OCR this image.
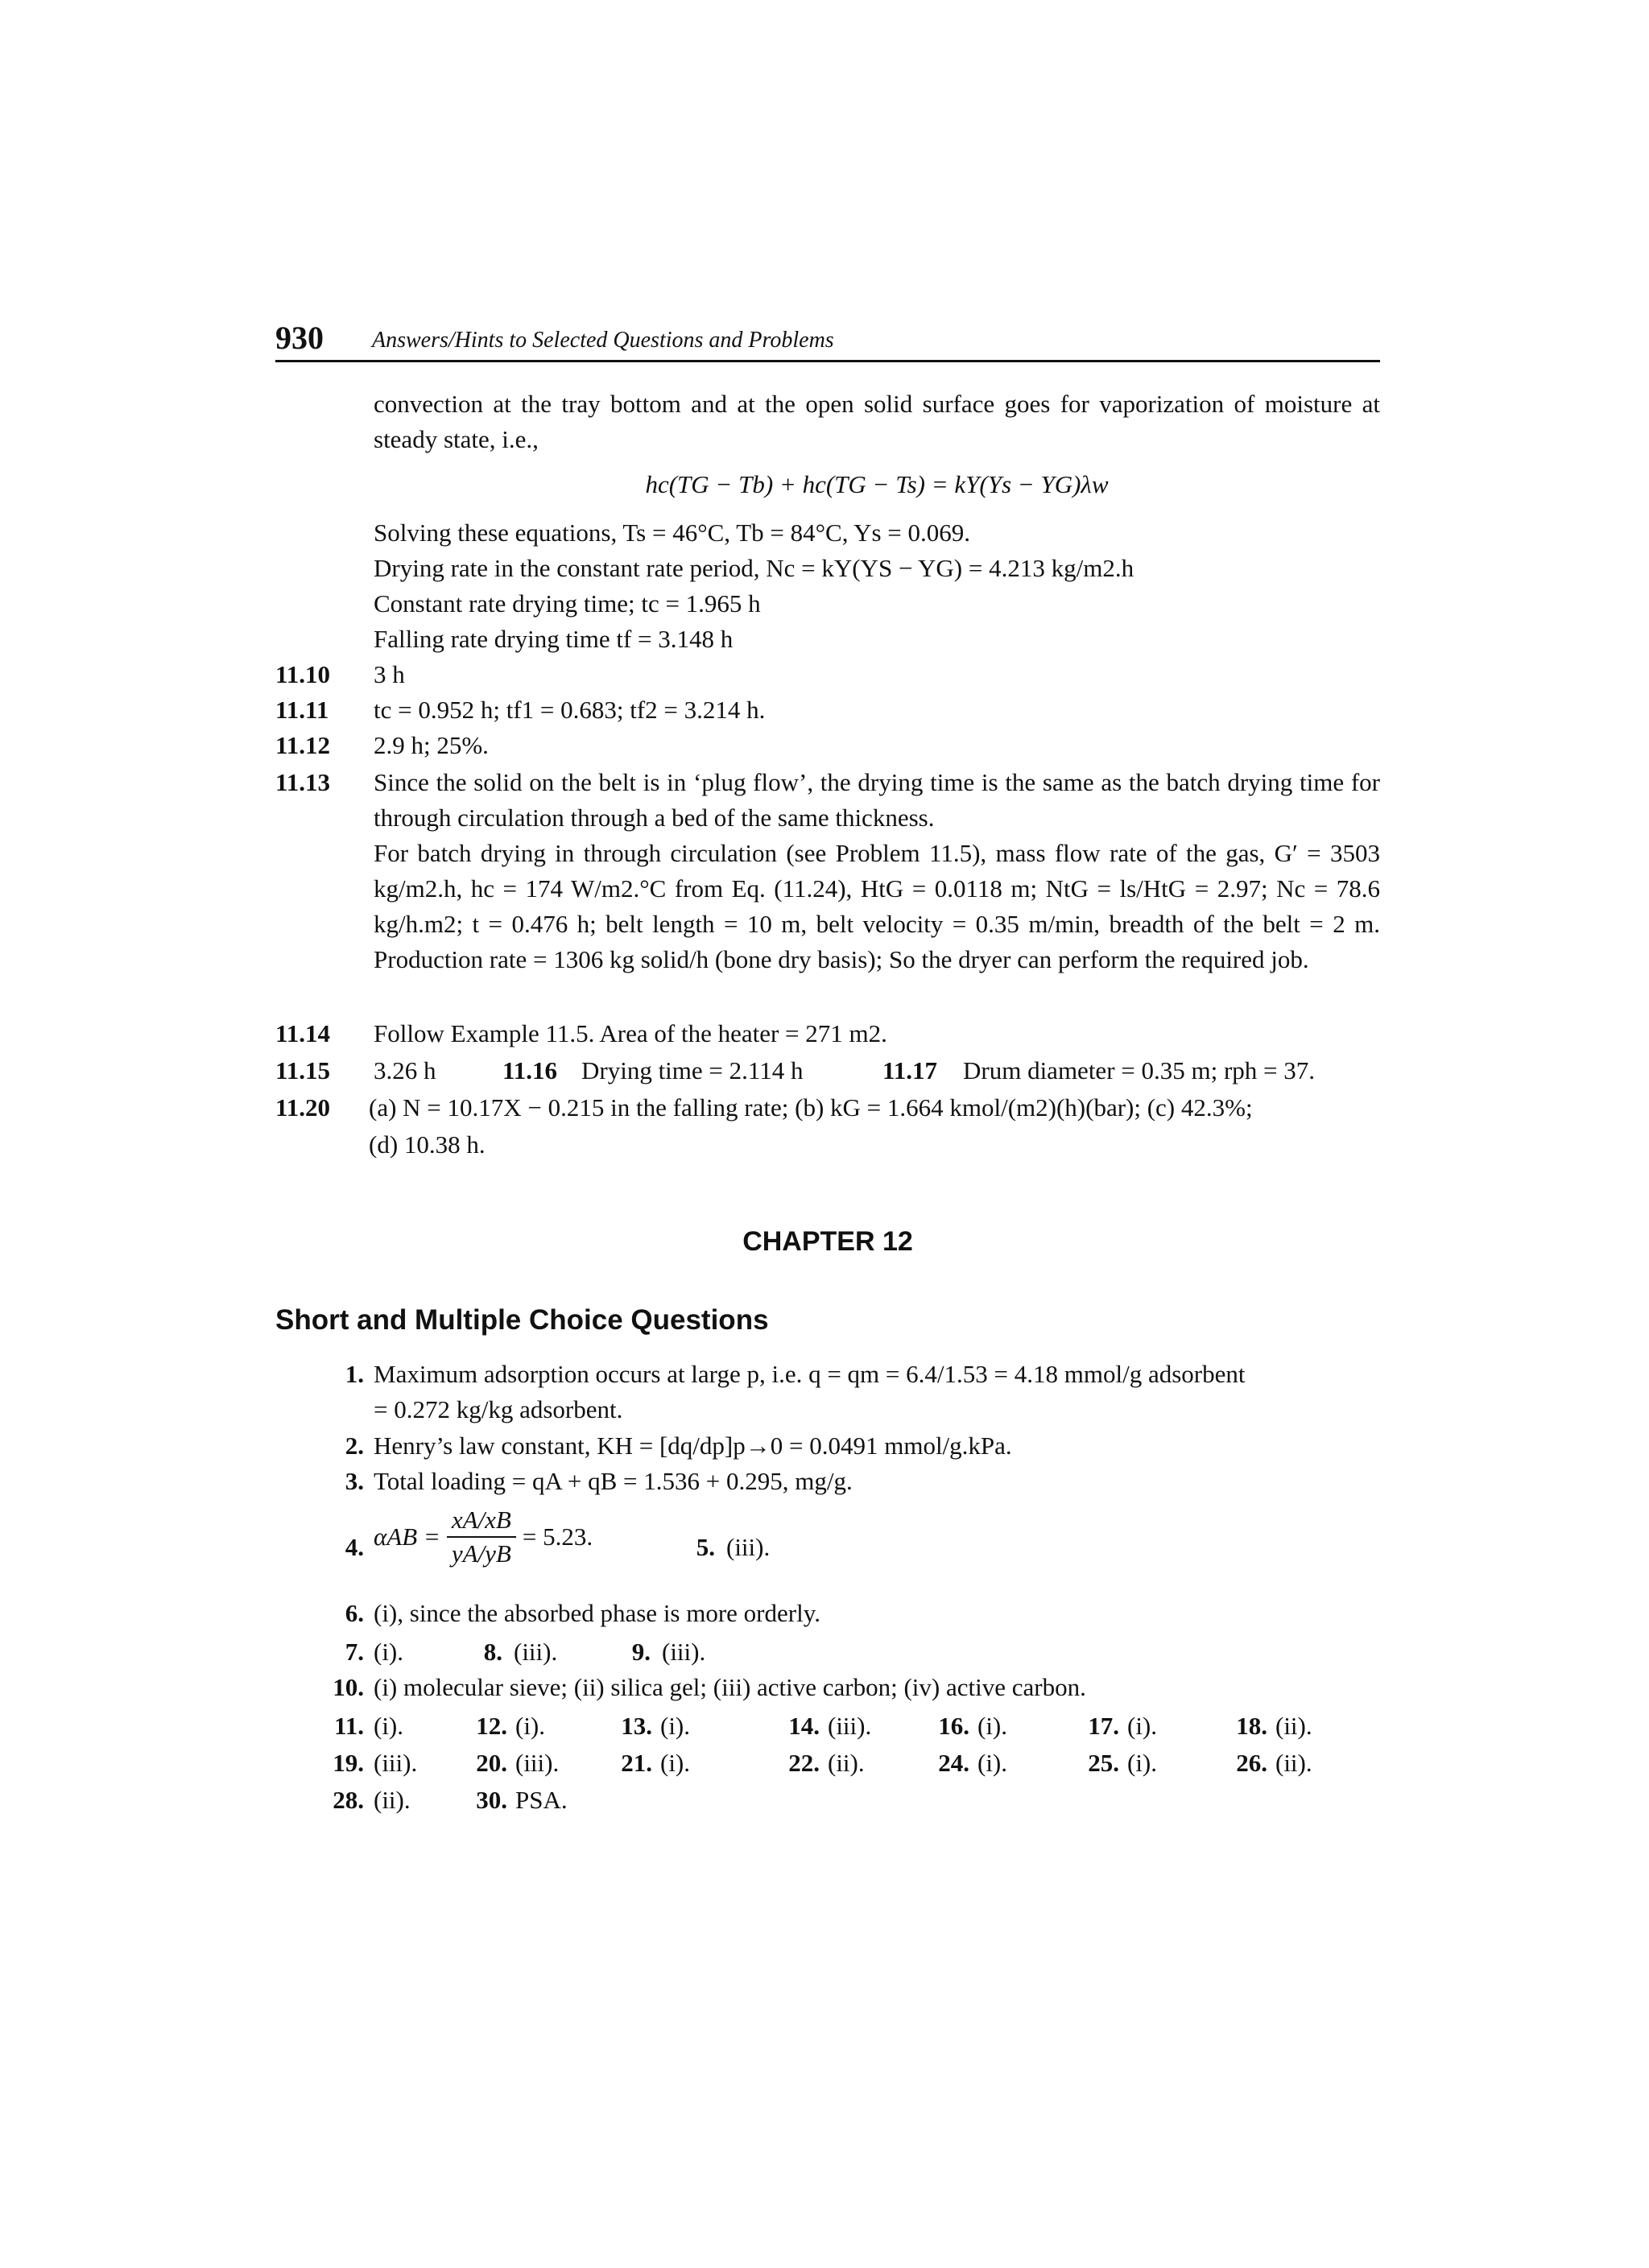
930 Answers/Hints to Selected Questions and Problems
convection at the tray bottom and at the open solid surface goes for vaporization of moisture at steady state, i.e.,
hc(TG − Tb) + hc(TG − Ts) = kY(Ys − YG)λw
Solving these equations, Ts = 46°C, Tb = 84°C, Ys = 0.069.
Drying rate in the constant rate period, Nc = kY(YS − YG) = 4.213 kg/m2.h
Constant rate drying time; tc = 1.965 h
Falling rate drying time tf = 3.148 h
11.10 3 h
11.11 tc = 0.952 h; tf1 = 0.683; tf2 = 3.214 h.
11.12 2.9 h; 25%.
11.13 Since the solid on the belt is in ‘plug flow’, the drying time is the same as the batch drying time for through circulation through a bed of the same thickness.
For batch drying in through circulation (see Problem 11.5), mass flow rate of the gas, G′ = 3503 kg/m2.h, hc = 174 W/m2.°C from Eq. (11.24), HtG = 0.0118 m; NtG = ls/HtG = 2.97; Nc = 78.6 kg/h.m2; t = 0.476 h; belt length = 10 m, belt velocity = 0.35 m/min, breadth of the belt = 2 m. Production rate = 1306 kg solid/h (bone dry basis); So the dryer can perform the required job.
11.14 Follow Example 11.5. Area of the heater = 271 m2.
11.15 3.26 h	11.16 Drying time = 2.114 h	11.17 Drum diameter = 0.35 m; rph = 37.
11.20 (a) N = 10.17X − 0.215 in the falling rate; (b) kG = 1.664 kmol/(m2)(h)(bar); (c) 42.3%;
(d) 10.38 h.
CHAPTER 12
Short and Multiple Choice Questions
1. Maximum adsorption occurs at large p, i.e. q = qm = 6.4/1.53 = 4.18 mmol/g adsorbent
= 0.272 kg/kg adsorbent.
2. Henry’s law constant, KH = [dq/dp]p→0 = 0.0491 mmol/g.kPa.
3. Total loading = qA + qB = 1.536 + 0.295, mg/g.
4. $\alpha AB = \frac{xA/xB}{yA/yB} = 5.23$.	5. (iii).
6. (i), since the absorbed phase is more orderly.
7. (i).	8. (iii).	9. (iii).
10. (i) molecular sieve; (ii) silica gel; (iii) active carbon; (iv) active carbon.
11. (i).	12. (i).	13. (i).	14. (iii).	16. (i).	17. (i).	18. (ii).
19. (iii).	20. (iii).	21. (i).	22. (ii).	24. (i).	25. (i).	26. (ii).
28. (ii).	30. PSA.
